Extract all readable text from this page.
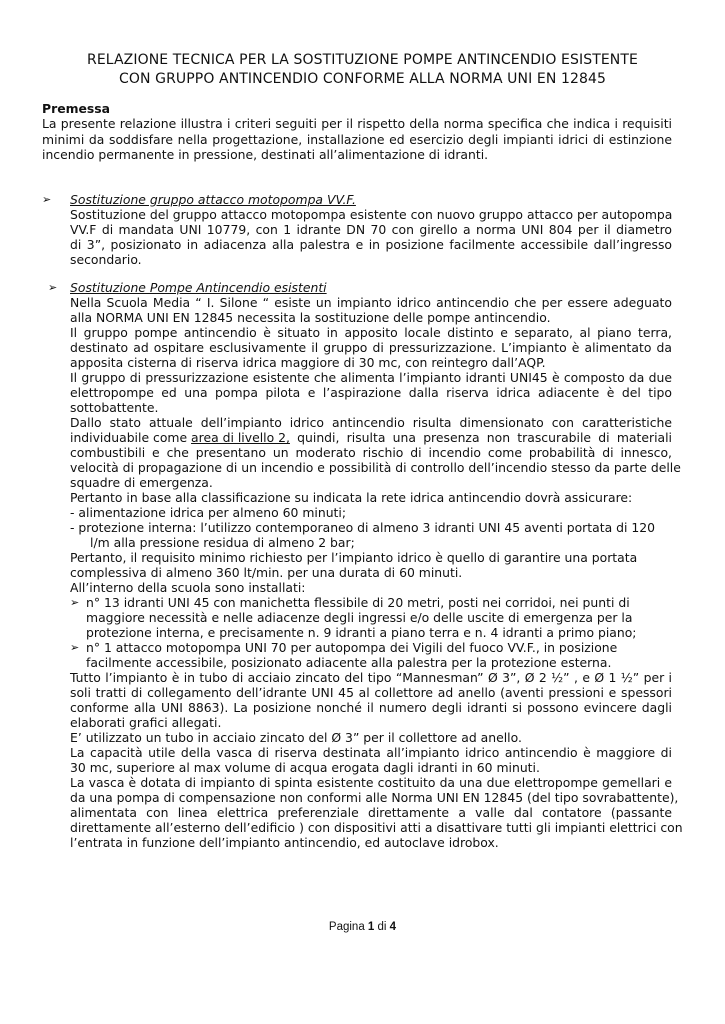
RELAZIONE TECNICA PER LA SOSTITUZIONE POMPE ANTINCENDIO ESISTENTE
CON GRUPPO ANTINCENDIO CONFORME ALLA NORMA UNI EN 12845
Premessa
La presente relazione illustra i criteri seguiti per il rispetto della norma specifica che indica i requisiti
minimi da soddisfare nella progettazione, installazione ed esercizio degli impianti idrici di estinzione
incendio permanente in pressione, destinati all’alimentazione di idranti.
➢ Sostituzione gruppo attacco motopompa VV.F.
Sostituzione del gruppo attacco motopompa esistente con nuovo gruppo attacco per autopompa
VV.F di mandata UNI 10779, con 1 idrante DN 70 con girello a norma UNI 804 per il diametro
di 3”, posizionato in adiacenza alla palestra e in posizione facilmente accessibile dall’ingresso
secondario.
➢ Sostituzione Pompe Antincendio esistenti
Nella Scuola Media “ I. Silone “ esiste un impianto idrico antincendio che per essere adeguato
alla NORMA UNI EN 12845 necessita la sostituzione delle pompe antincendio.
Il gruppo pompe antincendio è situato in apposito locale distinto e separato, al piano terra,
destinato ad ospitare esclusivamente il gruppo di pressurizzazione. L’impianto è alimentato da
apposita cisterna di riserva idrica maggiore di 30 mc, con reintegro dall’AQP.
Il gruppo di pressurizzazione esistente che alimenta l’impianto idranti UNI45 è composto da due
elettropompe ed una pompa pilota e l’aspirazione dalla riserva idrica adiacente è del tipo
sottobattente.
Dallo stato attuale dell’impianto idrico antincendio risulta dimensionato con caratteristiche
individuabile come area di livello 2, quindi, risulta una presenza non trascurabile di materiali
combustibili e che presentano un moderato rischio di incendio come probabilità di innesco,
velocità di propagazione di un incendio e possibilità di controllo dell’incendio stesso da parte delle
squadre di emergenza.
Pertanto in base alla classificazione su indicata la rete idrica antincendio dovrà assicurare:
- alimentazione idrica per almeno 60 minuti;
- protezione interna: l’utilizzo contemporaneo di almeno 3 idranti UNI 45 aventi portata di 120
l/m alla pressione residua di almeno 2 bar;
Pertanto, il requisito minimo richiesto per l’impianto idrico è quello di garantire una portata
complessiva di almeno 360 lt/min. per una durata di 60 minuti.
All’interno della scuola sono installati:
➢ n° 13 idranti UNI 45 con manichetta flessibile di 20 metri, posti nei corridoi, nei punti di
maggiore necessità e nelle adiacenze degli ingressi e/o delle uscite di emergenza per la
protezione interna, e precisamente n. 9 idranti a piano terra e n. 4 idranti a primo piano;
➢ n° 1 attacco motopompa UNI 70 per autopompa dei Vigili del fuoco VV.F., in posizione
facilmente accessibile, posizionato adiacente alla palestra per la protezione esterna.
Tutto l’impianto è in tubo di acciaio zincato del tipo “Mannesman” Ø 3”, Ø 2 ½” , e Ø 1 ½” per i
soli tratti di collegamento dell’idrante UNI 45 al collettore ad anello (aventi pressioni e spessori
conforme alla UNI 8863). La posizione nonché il numero degli idranti si possono evincere dagli
elaborati grafici allegati.
E’ utilizzato un tubo in acciaio zincato del Ø 3” per il collettore ad anello.
La capacità utile della vasca di riserva destinata all’impianto idrico antincendio è maggiore di
30 mc, superiore al max volume di acqua erogata dagli idranti in 60 minuti.
La vasca è dotata di impianto di spinta esistente costituito da una due elettropompe gemellari e
da una pompa di compensazione non conformi alle Norma UNI EN 12845 (del tipo sovrabattente),
alimentata con linea elettrica preferenziale direttamente a valle dal contatore (passante
direttamente all’esterno dell’edificio ) con dispositivi atti a disattivare tutti gli impianti elettrici con
l’entrata in funzione dell’impianto antincendio, ed autoclave idrobox.
Pagina 1 di 4
